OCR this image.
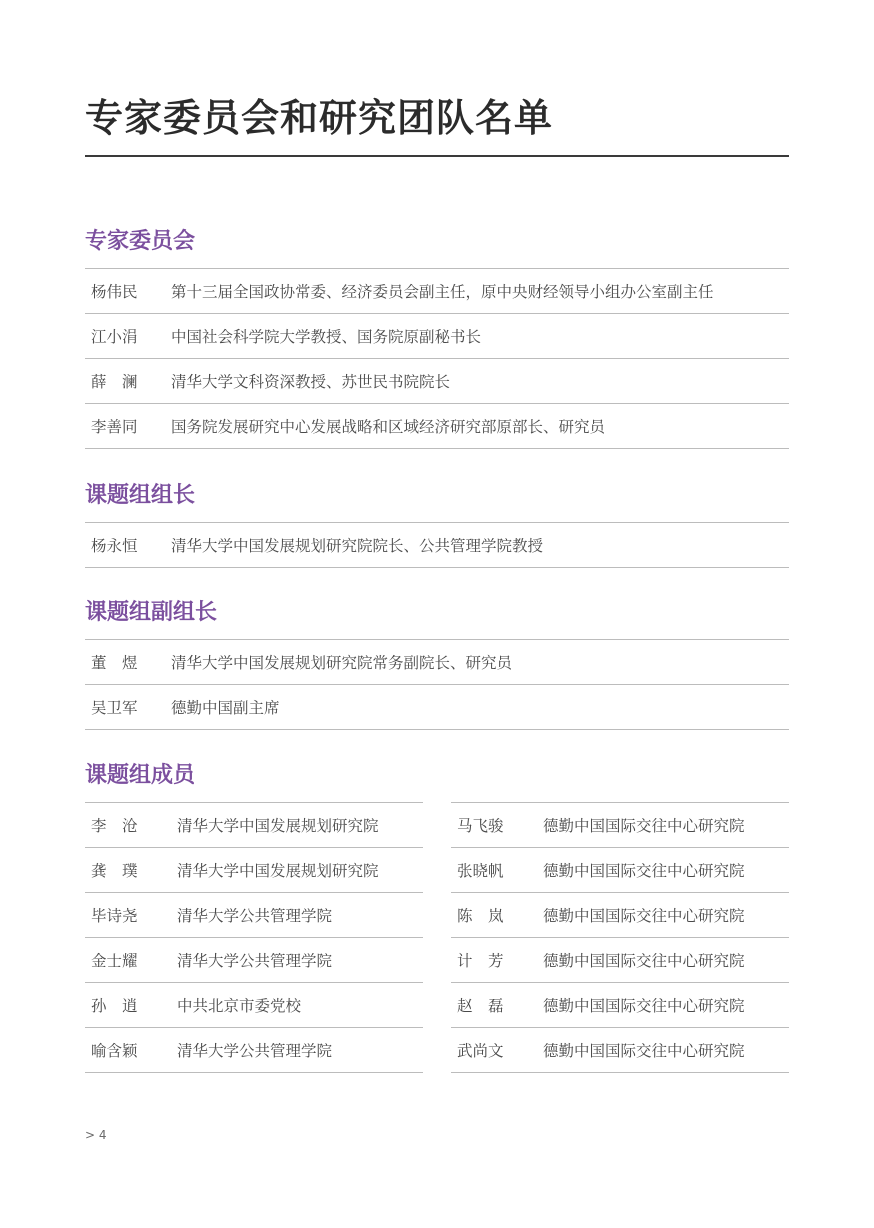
专家委员会和研究团队名单
专家委员会
杨伟民	第十三届全国政协常委、经济委员会副主任，原中央财经领导小组办公室副主任
江小涓	中国社会科学院大学教授、国务院原副秘书长
薛　澜	清华大学文科资深教授、苏世民书院院长
李善同	国务院发展研究中心发展战略和区域经济研究部原部长、研究员
课题组组长
杨永恒	清华大学中国发展规划研究院院长、公共管理学院教授
课题组副组长
董　煜	清华大学中国发展规划研究院常务副院长、研究员
吴卫军	德勤中国副主席
课题组成员
李　沧	清华大学中国发展规划研究院
龚　璞	清华大学中国发展规划研究院
毕诗尧	清华大学公共管理学院
金士耀	清华大学公共管理学院
孙　逍	中共北京市委党校
喻含颖	清华大学公共管理学院
马飞骏	德勤中国国际交往中心研究院
张晓帆	德勤中国国际交往中心研究院
陈　岚	德勤中国国际交往中心研究院
计　芳	德勤中国国际交往中心研究院
赵　磊	德勤中国国际交往中心研究院
武尚文	德勤中国国际交往中心研究院
> 4
